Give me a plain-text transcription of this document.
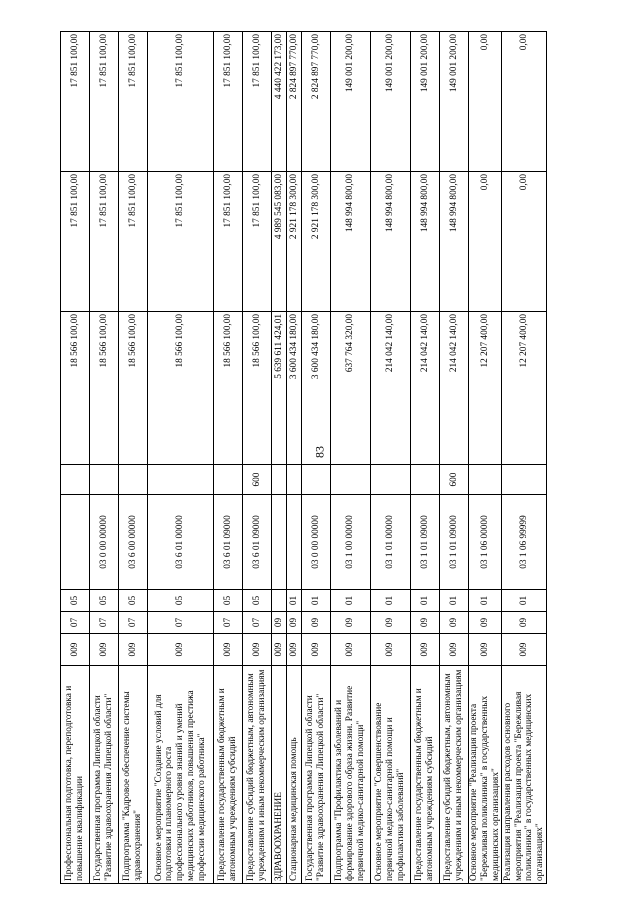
83
Профессиональная подготовка, переподготовка и повышение квалификации	009	07	05			18 566 100,00	17 851 100,00	17 851 100,00
Государственная программа Липецкой области "Развитие здравоохранения Липецкой области"	009	07	05	03 0 00 00000		18 566 100,00	17 851 100,00	17 851 100,00
Подпрограмма "Кадровое обеспечение системы здравоохранения"	009	07	05	03 6 00 00000		18 566 100,00	17 851 100,00	17 851 100,00
Основное мероприятие "Создание условий для подготовки и планомерного роста профессионального уровня знаний и умений медицинских работников, повышения престижа профессии медицинского работника"	009	07	05	03 6 01 00000		18 566 100,00	17 851 100,00	17 851 100,00
Предоставление государственным бюджетным и автономным учреждениям субсидий	009	07	05	03 6 01 09000		18 566 100,00	17 851 100,00	17 851 100,00
Предоставление субсидий бюджетным, автономным учреждениям и иным некоммерческим организациям	009	07	05	03 6 01 09000	600	18 566 100,00	17 851 100,00	17 851 100,00
ЗДРАВООХРАНЕНИЕ	009	09				5 639 611 424,01	4 989 545 083,00	4 440 422 173,00
Стационарная медицинская помощь	009	09	01			3 600 434 180,00	2 921 178 300,00	2 824 897 770,00
Государственная программа Липецкой области "Развитие здравоохранения Липецкой области"	009	09	01	03 0 00 00000		3 600 434 180,00	2 921 178 300,00	2 824 897 770,00
Подпрограмма "Профилактика заболеваний и формирование здорового образа жизни. Развитие первичной медико-санитарной помощи"	009	09	01	03 1 00 00000		637 764 320,00	148 994 800,00	149 001 200,00
Основное мероприятие "Совершенствование первичной медико-санитарной помощи и профилактики заболеваний"	009	09	01	03 1 01 00000		214 042 140,00	148 994 800,00	149 001 200,00
Предоставление государственным бюджетным и автономным учреждениям субсидий	009	09	01	03 1 01 09000		214 042 140,00	148 994 800,00	149 001 200,00
Предоставление субсидий бюджетным, автономным учреждениям и иным некоммерческим организациям	009	09	01	03 1 01 09000	600	214 042 140,00	148 994 800,00	149 001 200,00
Основное мероприятие "Реализация проекта "Бережливая поликлиника" в государственных медицинских организациях"	009	09	01	03 1 06 00000		12 207 400,00	0,00	0,00
Реализация направления расходов основного мероприятия "Реализация проекта "Бережливая поликлиника" в государственных медицинских организациях"	009	09	01	03 1 06 99999		12 207 400,00	0,00	0,00
